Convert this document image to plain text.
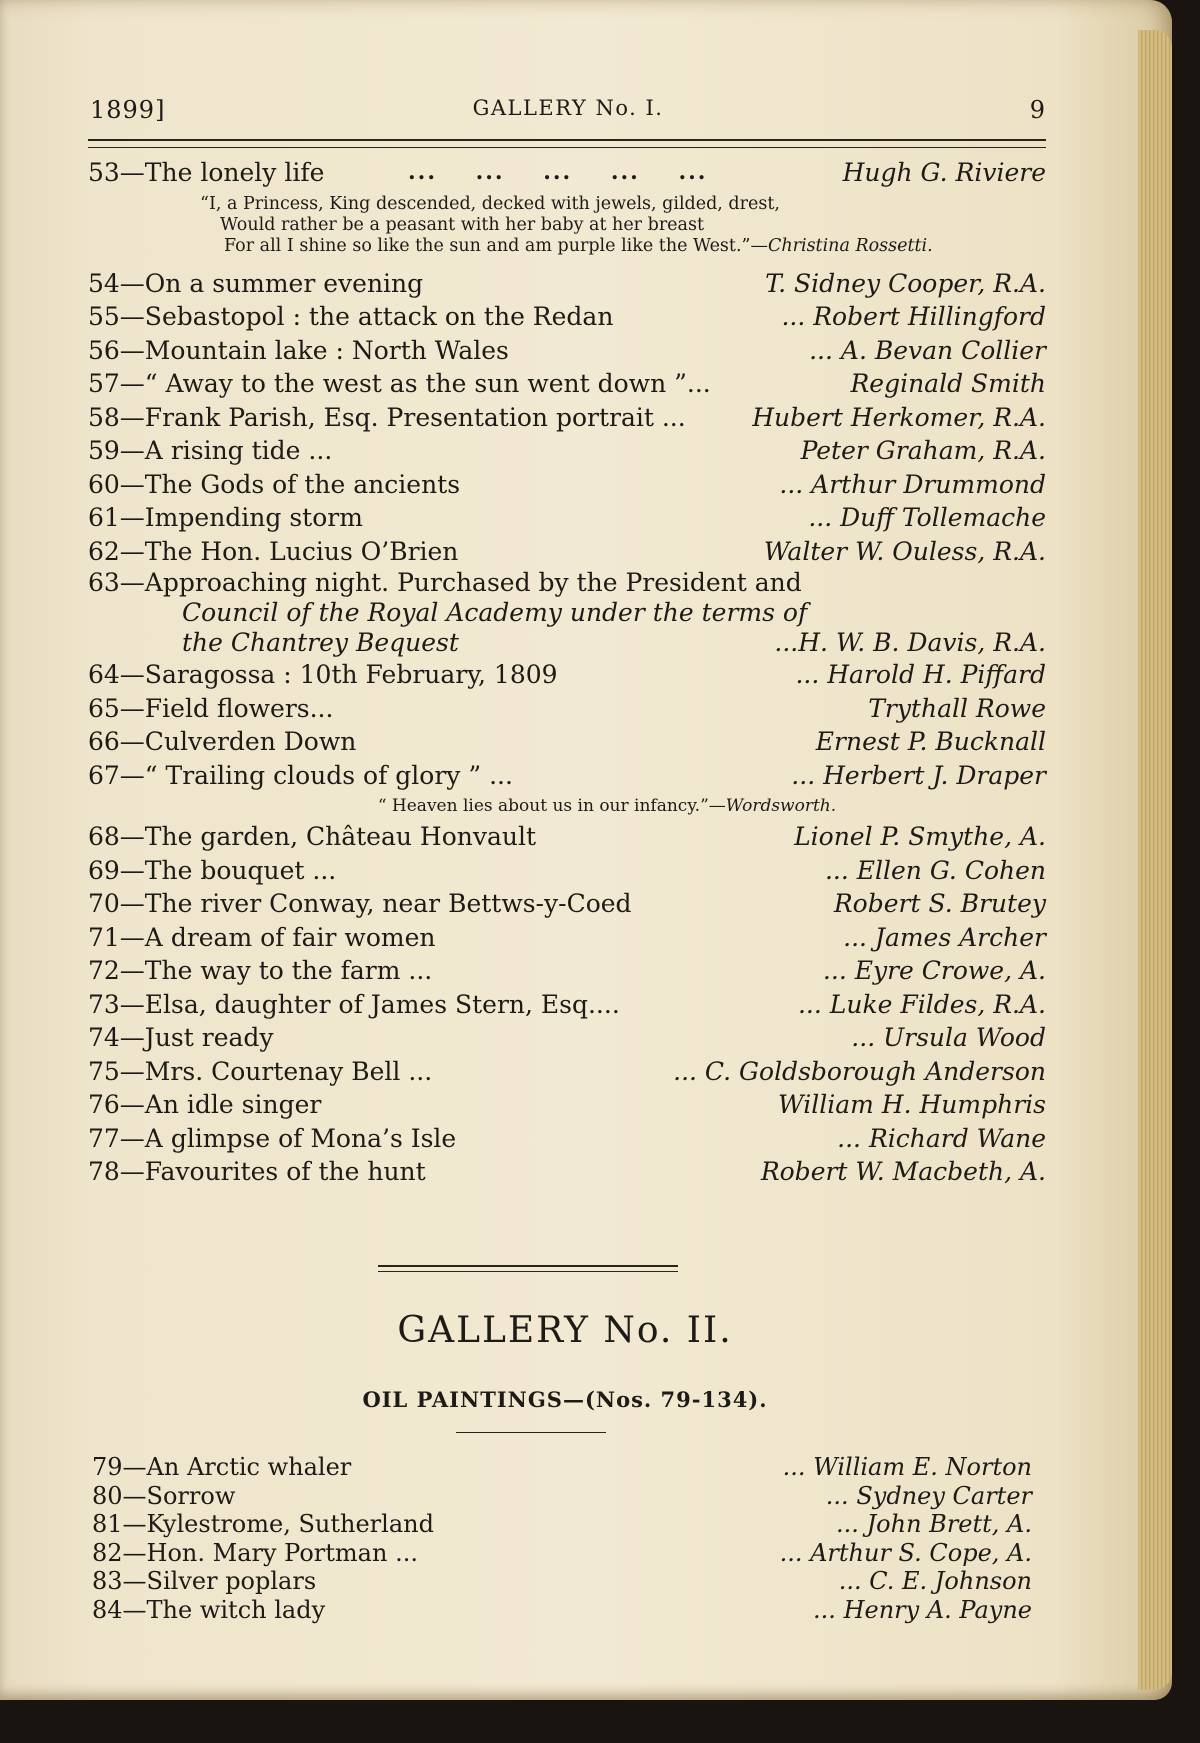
1899]	GALLERY No. I.	9
53—The lonely life	...    ...    ...    ...    ...	Hugh G. Riviere
“I, a Princess, King descended, decked with jewels, gilded, drest,
Would rather be a peasant with her baby at her breast
For all I shine so like the sun and am purple like the West.”—Christina Rossetti.
54—On a summer evening	T. Sidney Cooper, R.A.
55—Sebastopol : the attack on the Redan	... Robert Hillingford
56—Mountain lake : North Wales	... A. Bevan Collier
57—“ Away to the west as the sun went down ”...	Reginald Smith
58—Frank Parish, Esq. Presentation portrait ...	Hubert Herkomer, R.A.
59—A rising tide ...	Peter Graham, R.A.
60—The Gods of the ancients	... Arthur Drummond
61—Impending storm	... Duff Tollemache
62—The Hon. Lucius O’Brien	Walter W. Ouless, R.A.
63—Approaching night. Purchased by the President and
Council of the Royal Academy under the terms of
the Chantrey Bequest	...H. W. B. Davis, R.A.
64—Saragossa : 10th February, 1809	... Harold H. Piffard
65—Field flowers...	Trythall Rowe
66—Culverden Down	Ernest P. Bucknall
67—“ Trailing clouds of glory ” ...	... Herbert J. Draper
“ Heaven lies about us in our infancy.”—Wordsworth.
68—The garden, Château Honvault	Lionel P. Smythe, A.
69—The bouquet ...	... Ellen G. Cohen
70—The river Conway, near Bettws-y-Coed	Robert S. Brutey
71—A dream of fair women	... James Archer
72—The way to the farm ...	... Eyre Crowe, A.
73—Elsa, daughter of James Stern, Esq....	... Luke Fildes, R.A.
74—Just ready	... Ursula Wood
75—Mrs. Courtenay Bell ...	... C. Goldsborough Anderson
76—An idle singer	William H. Humphris
77—A glimpse of Mona’s Isle	... Richard Wane
78—Favourites of the hunt	Robert W. Macbeth, A.
GALLERY No. II.
OIL PAINTINGS—(Nos. 79-134).
79—An Arctic whaler	... William E. Norton
80—Sorrow	... Sydney Carter
81—Kylestrome, Sutherland	... John Brett, A.
82—Hon. Mary Portman ...	... Arthur S. Cope, A.
83—Silver poplars	... C. E. Johnson
84—The witch lady	... Henry A. Payne
